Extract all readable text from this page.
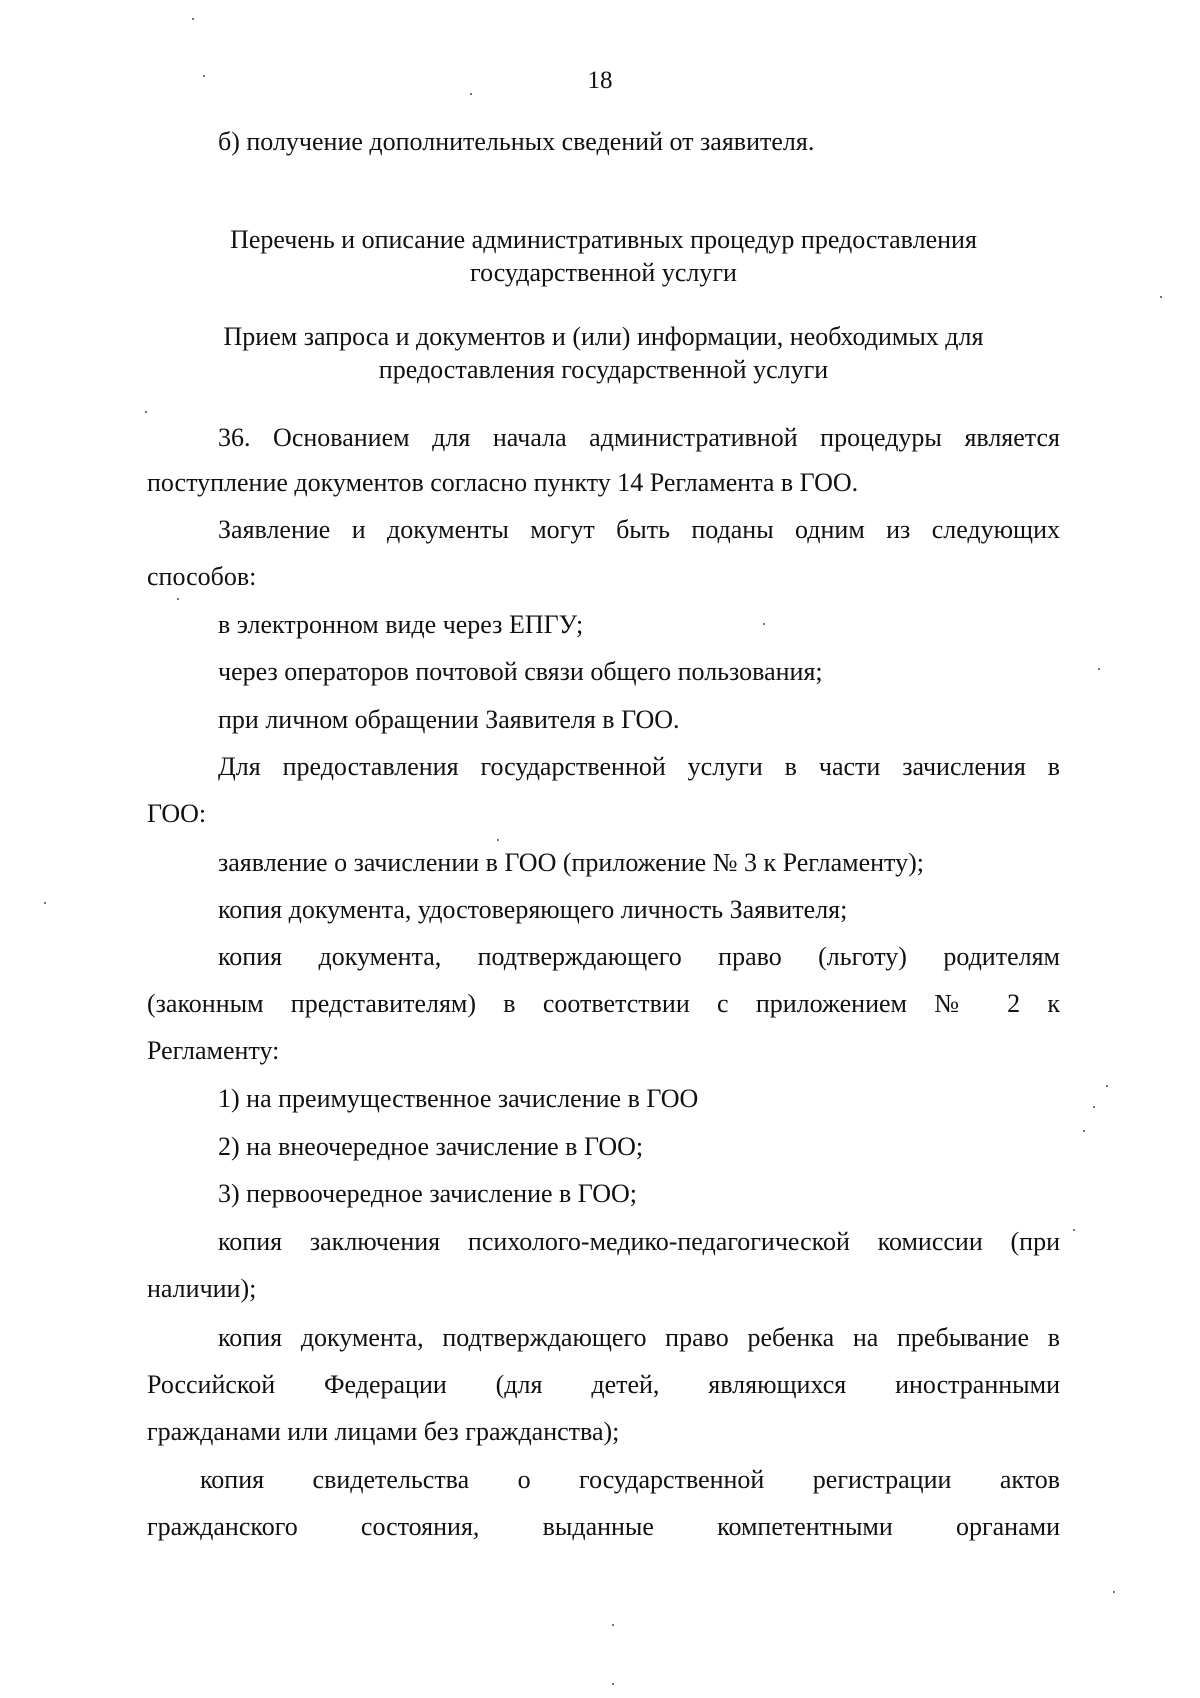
18
б) получение дополнительных сведений от заявителя.
Перечень и описание административных процедур предоставления
государственной услуги
Прием запроса и документов и (или) информации, необходимых для
предоставления государственной услуги
36. Основанием для начала административной процедуры является
поступление документов согласно пункту 14 Регламента в ГОО.
Заявление и документы могут быть поданы одним из следующих
способов:
в электронном виде через ЕПГУ;
через операторов почтовой связи общего пользования;
при личном обращении Заявителя в ГОО.
Для предоставления государственной услуги в части зачисления в
ГОО:
заявление о зачислении в ГОО (приложение № 3 к Регламенту);
копия документа, удостоверяющего личность Заявителя;
копия документа, подтверждающего право (льготу) родителям
(законным представителям) в соответствии с приложением № 2 к
Регламенту:
1) на преимущественное зачисление в ГОО
2) на внеочередное зачисление в ГОО;
3) первоочередное зачисление в ГОО;
копия заключения психолого-медико-педагогической комиссии (при
наличии);
копия документа, подтверждающего право ребенка на пребывание в
Российской Федерации (для детей, являющихся иностранными
гражданами или лицами без гражданства);
копия свидетельства о государственной регистрации актов
гражданского состояния, выданные компетентными органами
